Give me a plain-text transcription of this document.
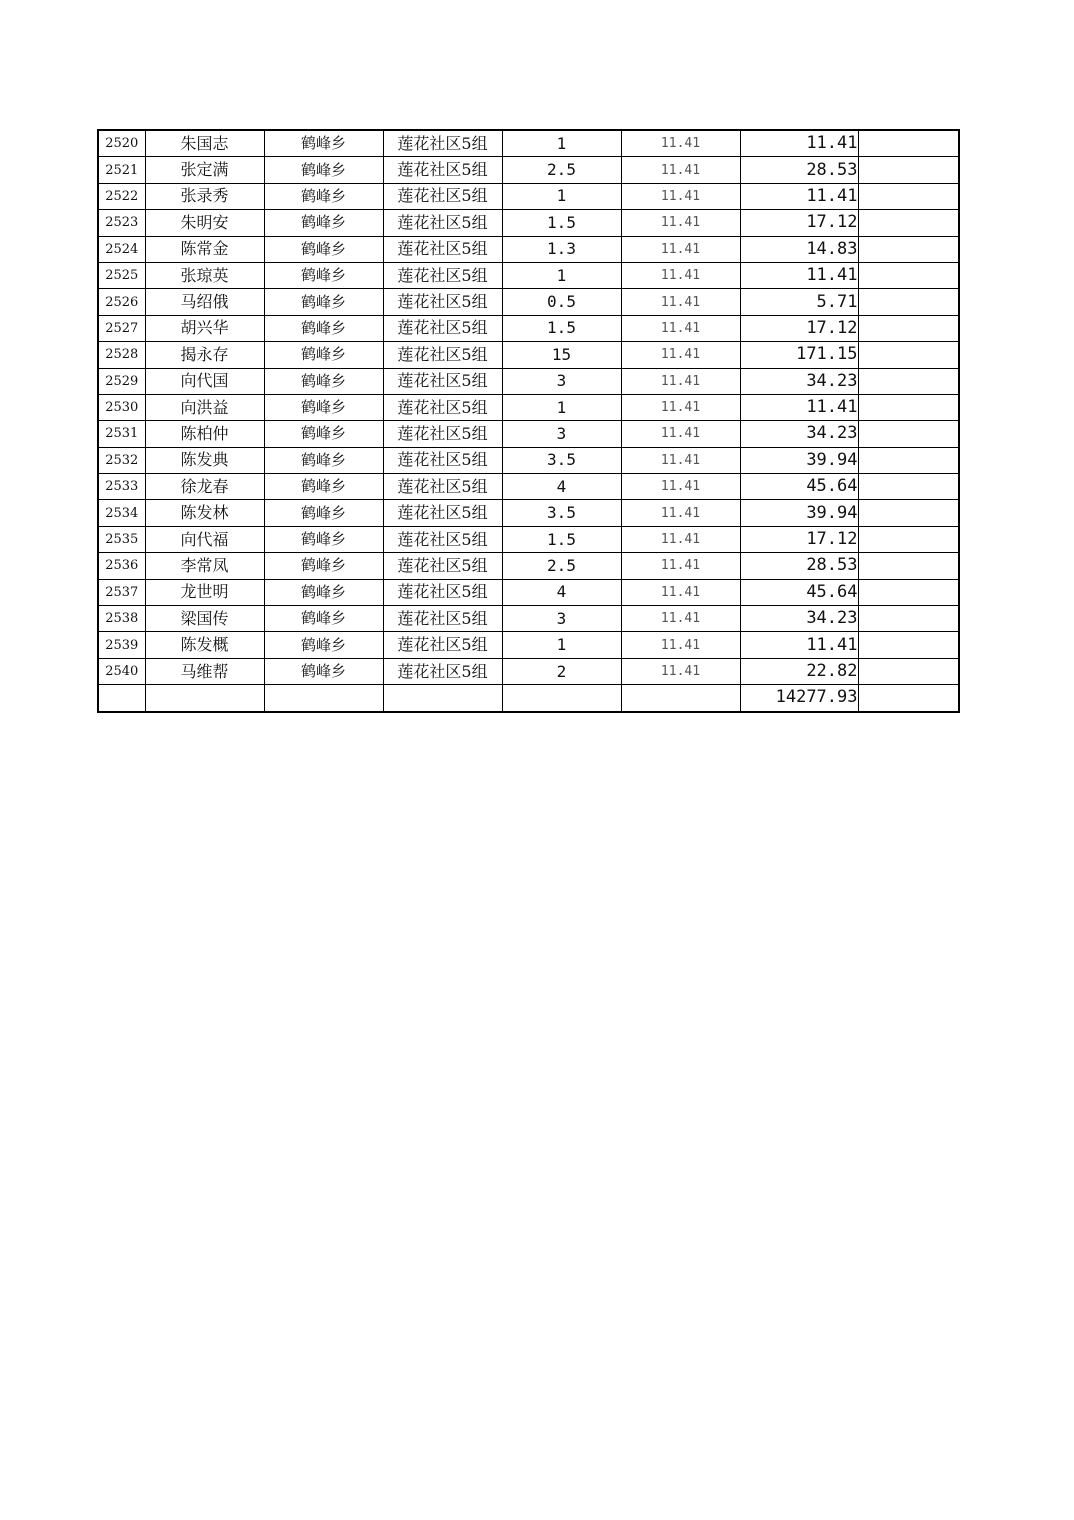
2520	朱国志	鹤峰乡	莲花社区5组	1	11.41	11.41	
2521	张定满	鹤峰乡	莲花社区5组	2.5	11.41	28.53	
2522	张录秀	鹤峰乡	莲花社区5组	1	11.41	11.41	
2523	朱明安	鹤峰乡	莲花社区5组	1.5	11.41	17.12	
2524	陈常金	鹤峰乡	莲花社区5组	1.3	11.41	14.83	
2525	张琼英	鹤峰乡	莲花社区5组	1	11.41	11.41	
2526	马绍俄	鹤峰乡	莲花社区5组	0.5	11.41	5.71	
2527	胡兴华	鹤峰乡	莲花社区5组	1.5	11.41	17.12	
2528	揭永存	鹤峰乡	莲花社区5组	15	11.41	171.15	
2529	向代国	鹤峰乡	莲花社区5组	3	11.41	34.23	
2530	向洪益	鹤峰乡	莲花社区5组	1	11.41	11.41	
2531	陈柏仲	鹤峰乡	莲花社区5组	3	11.41	34.23	
2532	陈发典	鹤峰乡	莲花社区5组	3.5	11.41	39.94	
2533	徐龙春	鹤峰乡	莲花社区5组	4	11.41	45.64	
2534	陈发林	鹤峰乡	莲花社区5组	3.5	11.41	39.94	
2535	向代福	鹤峰乡	莲花社区5组	1.5	11.41	17.12	
2536	李常凤	鹤峰乡	莲花社区5组	2.5	11.41	28.53	
2537	龙世明	鹤峰乡	莲花社区5组	4	11.41	45.64	
2538	梁国传	鹤峰乡	莲花社区5组	3	11.41	34.23	
2539	陈发概	鹤峰乡	莲花社区5组	1	11.41	11.41	
2540	马维帮	鹤峰乡	莲花社区5组	2	11.41	22.82	
						14277.93	
